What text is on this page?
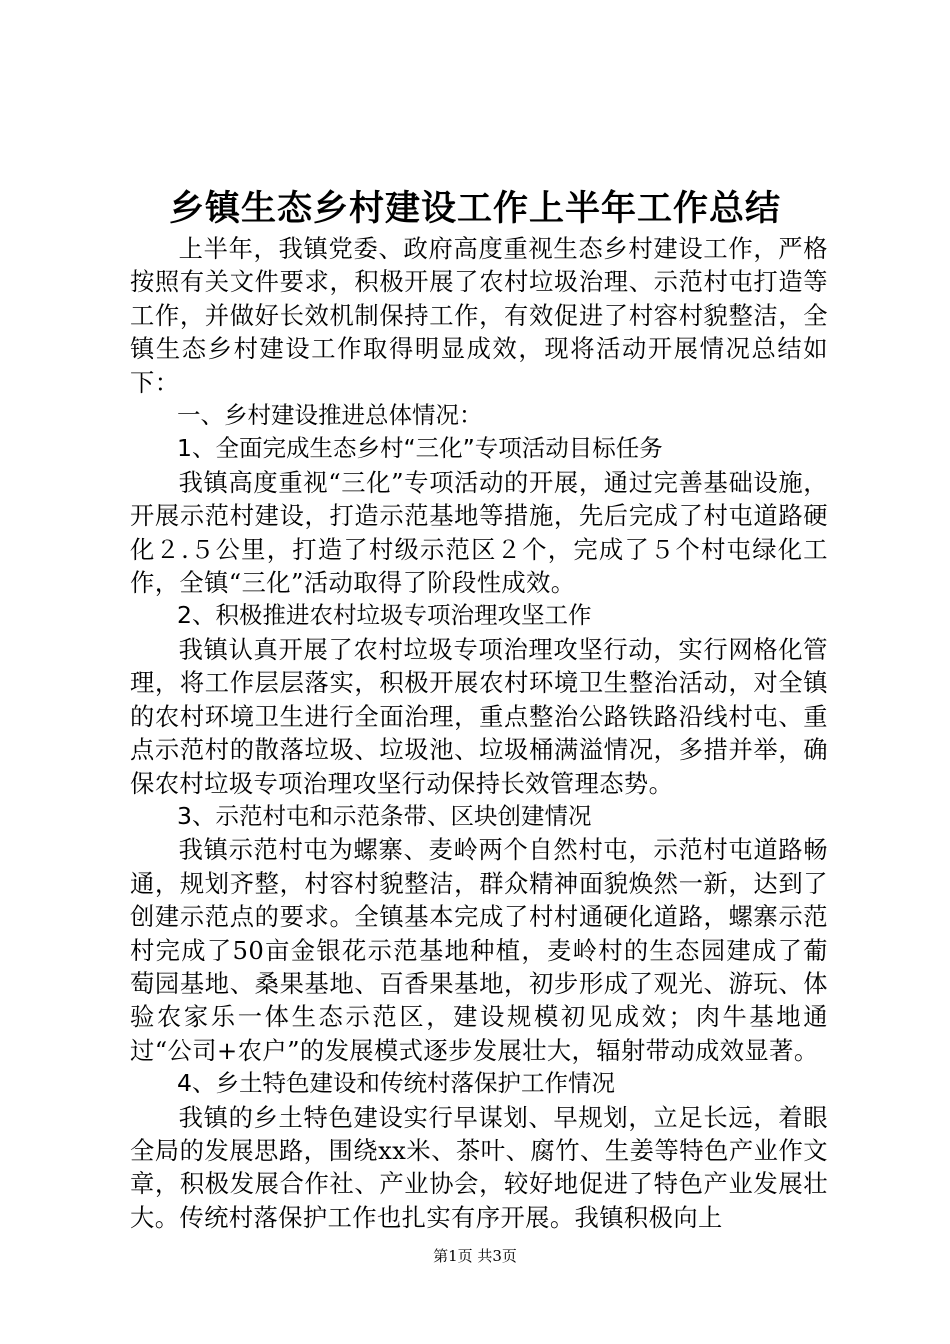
乡镇生态乡村建设工作上半年工作总结

上半年，我镇党委、政府高度重视生态乡村建设工作，严格按照有关文件要求，积极开展了农村垃圾治理、示范村屯打造等工作，并做好长效机制保持工作，有效促进了村容村貌整洁，全镇生态乡村建设工作取得明显成效，现将活动开展情况总结如下：

一、乡村建设推进总体情况：

1、全面完成生态乡村“三化”专项活动目标任务

我镇高度重视“三化”专项活动的开展，通过完善基础设施，开展示范村建设，打造示范基地等措施，先后完成了村屯道路硬化２.５公里，打造了村级示范区２个，完成了５个村屯绿化工作，全镇“三化”活动取得了阶段性成效。

2、积极推进农村垃圾专项治理攻坚工作

我镇认真开展了农村垃圾专项治理攻坚行动，实行网格化管理，将工作层层落实，积极开展农村环境卫生整治活动，对全镇的农村环境卫生进行全面治理，重点整治公路铁路沿线村屯、重点示范村的散落垃圾、垃圾池、垃圾桶满溢情况，多措并举，确保农村垃圾专项治理攻坚行动保持长效管理态势。

3、示范村屯和示范条带、区块创建情况

我镇示范村屯为螺寨、麦岭两个自然村屯，示范村屯道路畅通，规划齐整，村容村貌整洁，群众精神面貌焕然一新，达到了创建示范点的要求。全镇基本完成了村村通硬化道路，螺寨示范村完成了50亩金银花示范基地种植，麦岭村的生态园建成了葡萄园基地、桑果基地、百香果基地，初步形成了观光、游玩、体验农家乐一体生态示范区，建设规模初见成效；肉牛基地通过“公司+农户”的发展模式逐步发展壮大，辐射带动成效显著。

4、乡土特色建设和传统村落保护工作情况

我镇的乡土特色建设实行早谋划、早规划，立足长远，着眼全局的发展思路，围绕xx米、茶叶、腐竹、生姜等特色产业作文章，积极发展合作社、产业协会，较好地促进了特色产业发展壮大。传统村落保护工作也扎实有序开展。我镇积极向上

第1页 共3页
